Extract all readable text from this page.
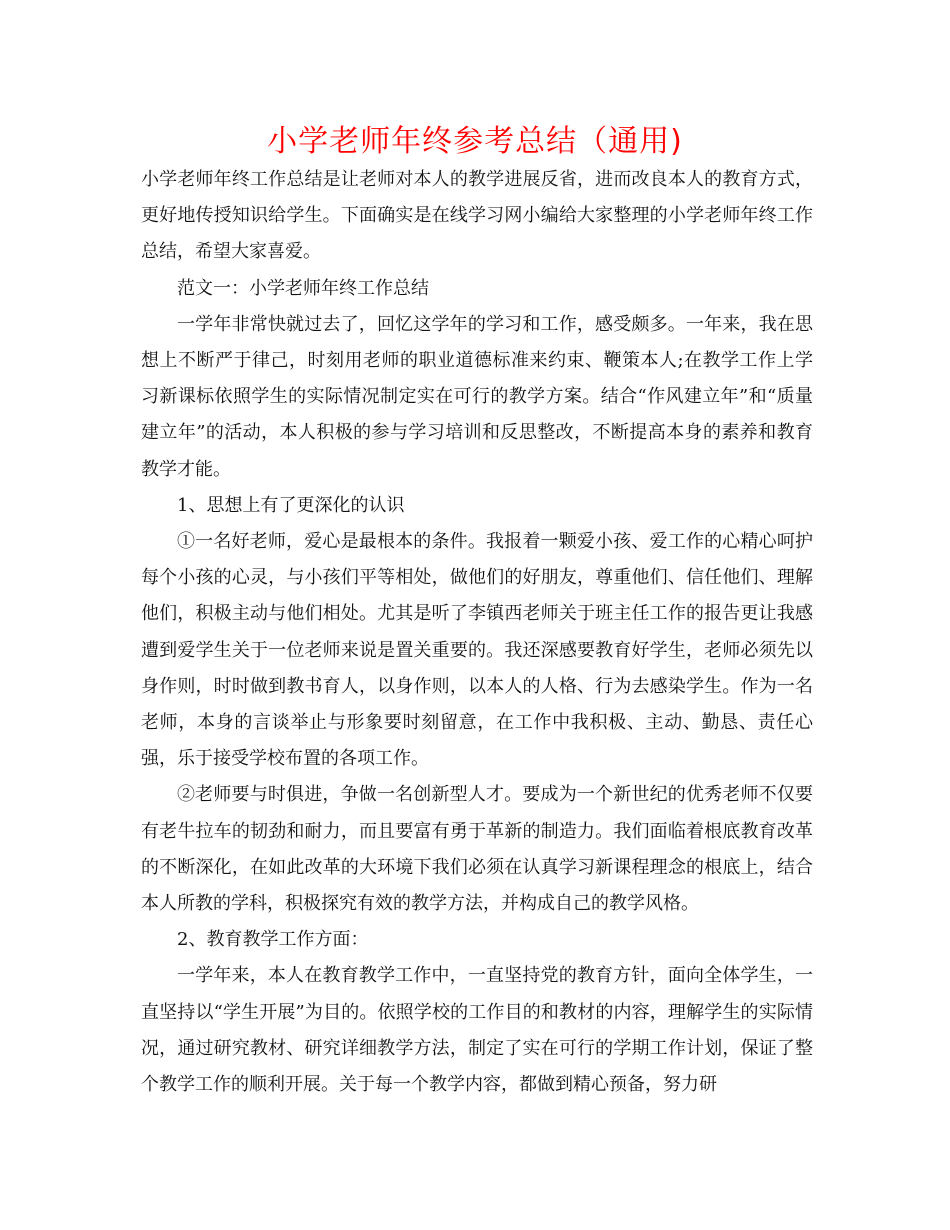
小学老师年终参考总结（通用)

小学老师年终工作总结是让老师对本人的教学进展反省，进而改良本人的教育方式，更好地传授知识给学生。下面确实是在线学习网小编给大家整理的小学老师年终工作总结，希望大家喜爱。

范文一：小学老师年终工作总结

一学年非常快就过去了，回忆这学年的学习和工作，感受颇多。一年来，我在思想上不断严于律己，时刻用老师的职业道德标准来约束、鞭策本人;在教学工作上学习新课标依照学生的实际情况制定实在可行的教学方案。结合“作风建立年”和“质量建立年”的活动，本人积极的参与学习培训和反思整改，不断提高本身的素养和教育教学才能。

1、思想上有了更深化的认识

①一名好老师，爱心是最根本的条件。我报着一颗爱小孩、爱工作的心精心呵护每个小孩的心灵，与小孩们平等相处，做他们的好朋友，尊重他们、信任他们、理解他们，积极主动与他们相处。尤其是听了李镇西老师关于班主任工作的报告更让我感遭到爱学生关于一位老师来说是置关重要的。我还深感要教育好学生，老师必须先以身作则，时时做到教书育人，以身作则，以本人的人格、行为去感染学生。作为一名老师，本身的言谈举止与形象要时刻留意，在工作中我积极、主动、勤恳、责任心强，乐于接受学校布置的各项工作。

②老师要与时俱进，争做一名创新型人才。要成为一个新世纪的优秀老师不仅要有老牛拉车的韧劲和耐力，而且要富有勇于革新的制造力。我们面临着根底教育改革的不断深化，在如此改革的大环境下我们必须在认真学习新课程理念的根底上，结合本人所教的学科，积极探究有效的教学方法，并构成自己的教学风格。

2、教育教学工作方面：

一学年来，本人在教育教学工作中，一直坚持党的教育方针，面向全体学生，一直坚持以“学生开展”为目的。依照学校的工作目的和教材的内容，理解学生的实际情况，通过研究教材、研究详细教学方法，制定了实在可行的学期工作计划，保证了整个教学工作的顺利开展。关于每一个教学内容，都做到精心预备，努力研
